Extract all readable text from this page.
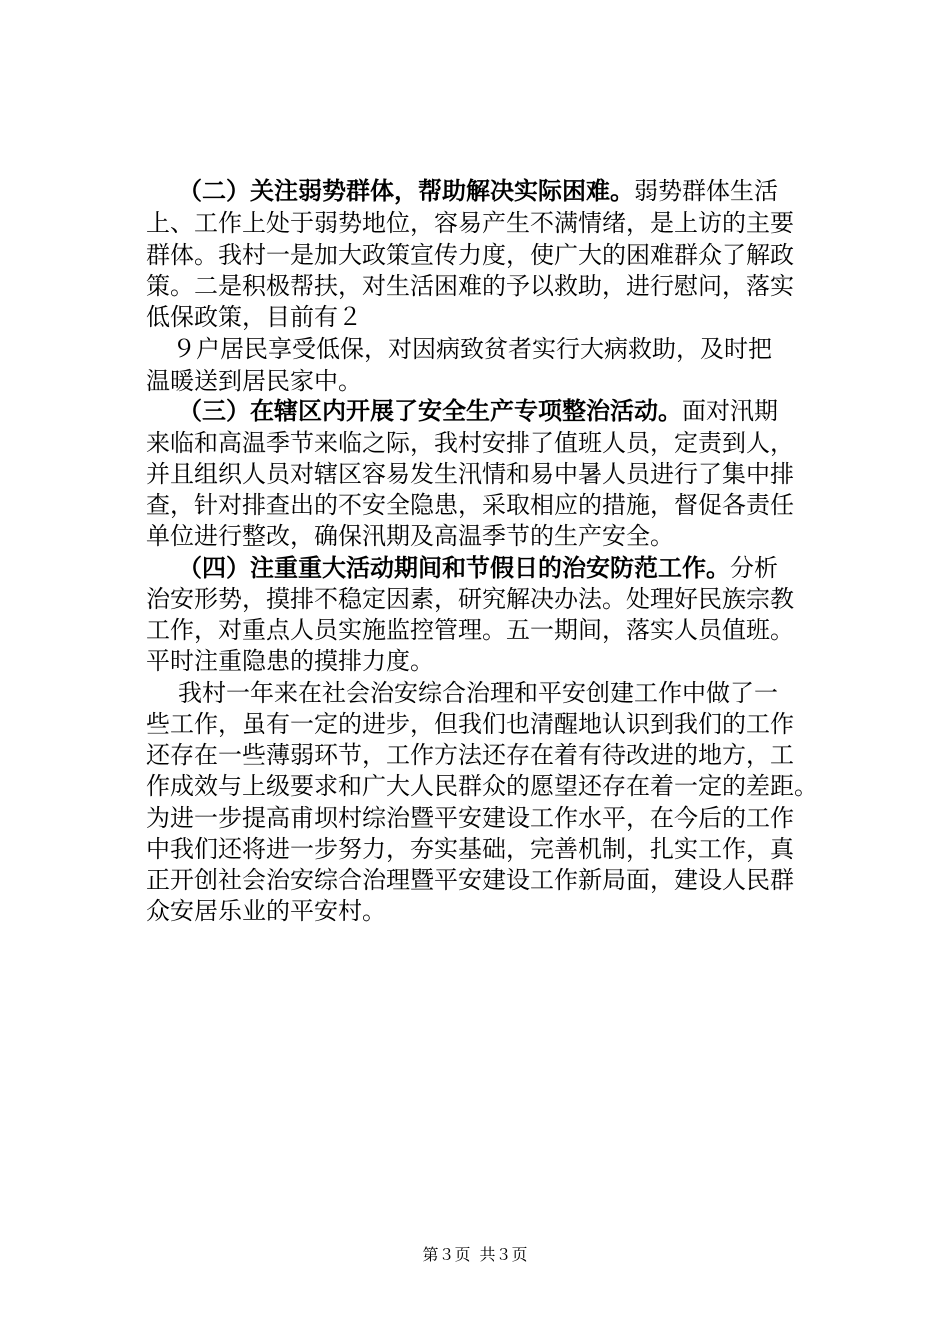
（二）关注弱势群体，帮助解决实际困难。弱势群体生活
上、工作上处于弱势地位，容易产生不满情绪，是上访的主要
群体。我村一是加大政策宣传力度，使广大的困难群众了解政
策。二是积极帮扶，对生活困难的予以救助，进行慰问，落实
低保政策，目前有２
９户居民享受低保，对因病致贫者实行大病救助，及时把
温暖送到居民家中。
（三）在辖区内开展了安全生产专项整治活动。面对汛期
来临和高温季节来临之际，我村安排了值班人员，定责到人，
并且组织人员对辖区容易发生汛情和易中暑人员进行了集中排
查，针对排查出的不安全隐患，采取相应的措施，督促各责任
单位进行整改，确保汛期及高温季节的生产安全。
（四）注重重大活动期间和节假日的治安防范工作。分析
治安形势，摸排不稳定因素，研究解决办法。处理好民族宗教
工作，对重点人员实施监控管理。五一期间，落实人员值班。
平时注重隐患的摸排力度。
我村一年来在社会治安综合治理和平安创建工作中做了一
些工作，虽有一定的进步，但我们也清醒地认识到我们的工作
还存在一些薄弱环节，工作方法还存在着有待改进的地方，工
作成效与上级要求和广大人民群众的愿望还存在着一定的差距。
为进一步提高甫坝村综治暨平安建设工作水平，在今后的工作
中我们还将进一步努力，夯实基础，完善机制，扎实工作，真
正开创社会治安综合治理暨平安建设工作新局面，建设人民群
众安居乐业的平安村。
第３页 共３页
